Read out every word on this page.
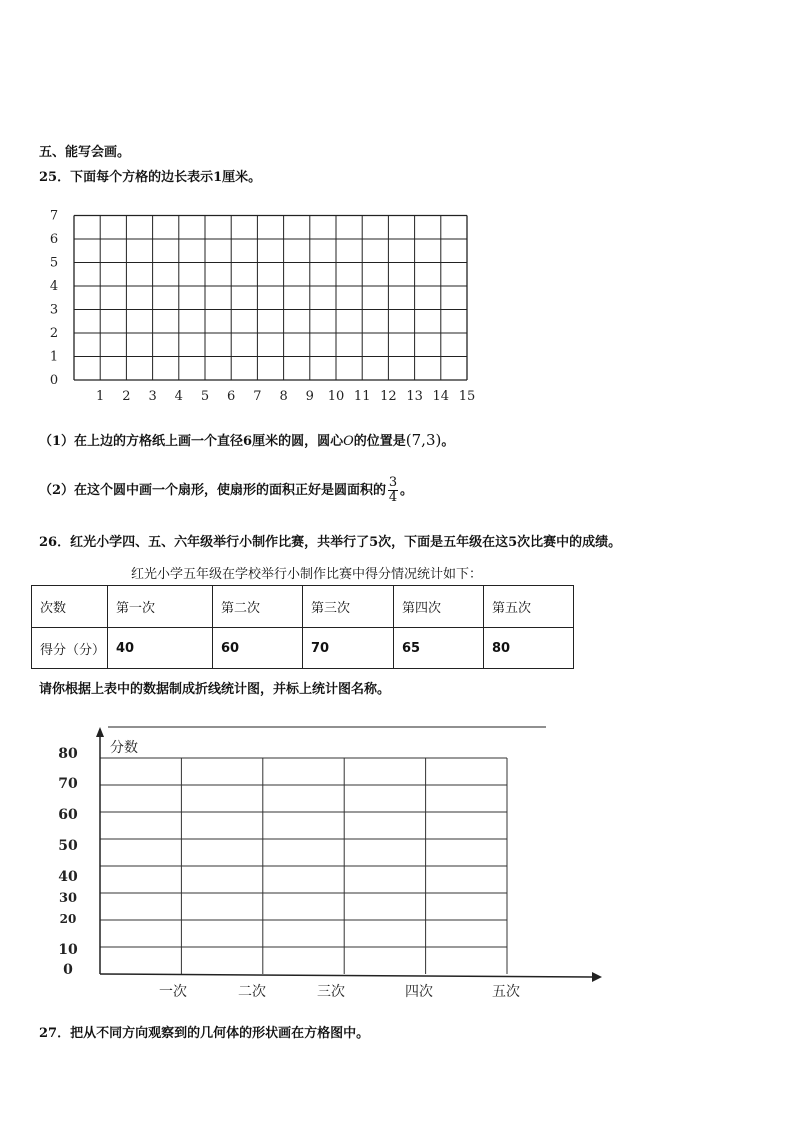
五、能写会画。
25．下面每个方格的边长表示1厘米。
1 2 3 4 5 6 7 8 9 10 11 12 13 14 15
0
1
2
3
4
5
6
7
（1）在上边的方格纸上画一个直径6厘米的圆，圆心O的位置是(7,3)。
（2）在这个圆中画一个扇形，使扇形的面积正好是圆面积的 $\frac{3}{4}$ 。
26．红光小学四、五、六年级举行小制作比赛，共举行了5次，下面是五年级在这5次比赛中的成绩。
红光小学五年级在学校举行小制作比赛中得分情况统计如下：
次数	第一次	第二次	第三次	第四次	第五次
得分（分）	40	60	70	65	80
请你根据上表中的数据制成折线统计图，并标上统计图名称。
分数
0
10
20
30
40
50
60
70
80
一次	二次	三次	四次	五次
27．把从不同方向观察到的几何体的形状画在方格图中。
